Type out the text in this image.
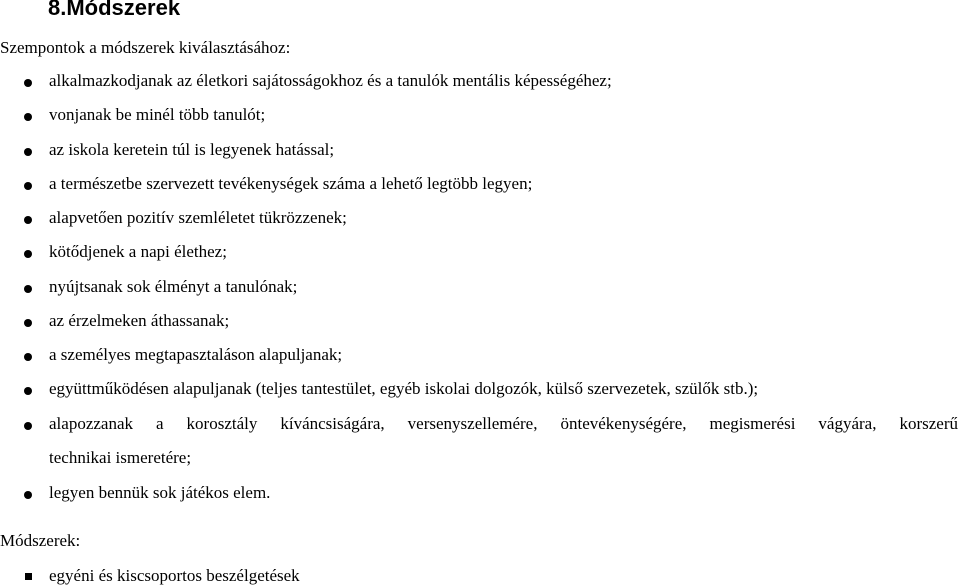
8.Módszerek
Szempontok a módszerek kiválasztásához:
alkalmazkodjanak az életkori sajátosságokhoz és a tanulók mentális képességéhez;
vonjanak be minél több tanulót;
az iskola keretein túl is legyenek hatással;
a természetbe szervezett tevékenységek száma a lehető legtöbb legyen;
alapvetően pozitív szemléletet tükrözzenek;
kötődjenek a napi élethez;
nyújtsanak sok élményt a tanulónak;
az érzelmeken áthassanak;
a személyes megtapasztaláson alapuljanak;
együttműködésen alapuljanak (teljes tantestület, egyéb iskolai dolgozók, külső szervezetek, szülők stb.);
alapozzanak a korosztály kíváncsiságára, versenyszellemére, öntevékenységére, megismerési vágyára, korszerű
technikai ismeretére;
legyen bennük sok játékos elem.
Módszerek:
egyéni és kiscsoportos beszélgetések
